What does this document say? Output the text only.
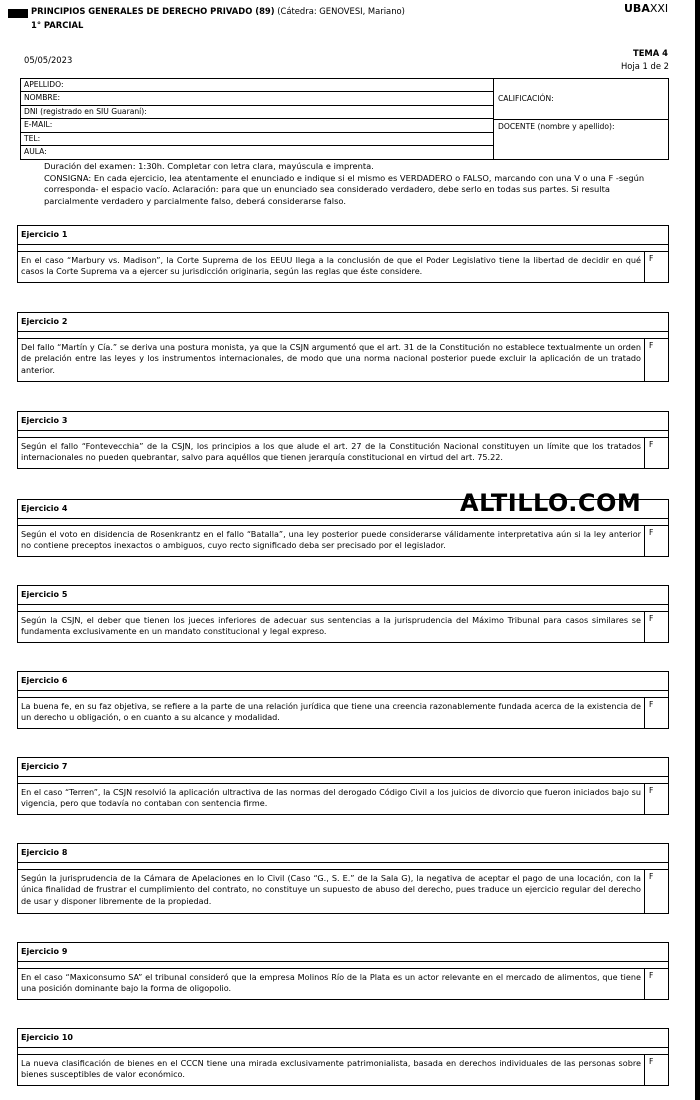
PRINCIPIOS GENERALES DE DERECHO PRIVADO (89) (Cátedra: GENOVESI, Mariano)
1° PARCIAL
UBAXXI
05/05/2023
TEMA 4
Hoja 1 de 2
APELLIDO:
NOMBRE:
DNI (registrado en SIU Guaraní):
E-MAIL:
TEL:
AULA:
CALIFICACIÓN:
DOCENTE (nombre y apellido):

Duración del examen: 1:30h. Completar con letra clara, mayúscula e imprenta.

CONSIGNA: En cada ejercicio, lea atentamente el enunciado e indique si el mismo es VERDADERO o FALSO, marcando con una V o una F -según corresponda- el espacio vacío. Aclaración: para que un enunciado sea considerado verdadero, debe serlo en todas sus partes. Si resulta parcialmente verdadero y parcialmente falso, deberá considerarse falso.

ALTILLO.COM
Ejercicio 1
En el caso “Marbury vs. Madison”, la Corte Suprema de los EEUU llega a la conclusión de que el Poder Legislativo tiene la libertad de decidir en qué casos la Corte Suprema va a ejercer su jurisdicción originaria, según las reglas que éste considere.
F
Ejercicio 2
Del fallo “Martín y Cía.” se deriva una postura monista, ya que la CSJN argumentó que el art. 31 de la Constitución no establece textualmente un orden de prelación entre las leyes y los instrumentos internacionales, de modo que una norma nacional posterior puede excluir la aplicación de un tratado anterior.
F
Ejercicio 3
Según el fallo “Fontevecchia” de la CSJN, los principios a los que alude el art. 27 de la Constitución Nacional constituyen un límite que los tratados internacionales no pueden quebrantar, salvo para aquéllos que tienen jerarquía constitucional en virtud del art. 75.22.
F
Ejercicio 4
Según el voto en disidencia de Rosenkrantz en el fallo “Batalla”, una ley posterior puede considerarse válidamente interpretativa aún si la ley anterior no contiene preceptos inexactos o ambiguos, cuyo recto significado deba ser precisado por el legislador.
F
Ejercicio 5
Según la CSJN, el deber que tienen los jueces inferiores de adecuar sus sentencias a la jurisprudencia del Máximo Tribunal para casos similares se fundamenta exclusivamente en un mandato constitucional y legal expreso.
F
Ejercicio 6
La buena fe, en su faz objetiva, se refiere a la parte de una relación jurídica que tiene una creencia razonablemente fundada acerca de la existencia de un derecho u obligación, o en cuanto a su alcance y modalidad.
F
Ejercicio 7
En el caso “Terren”, la CSJN resolvió la aplicación ultractiva de las normas del derogado Código Civil a los juicios de divorcio que fueron iniciados bajo su vigencia, pero que todavía no contaban con sentencia firme.
F
Ejercicio 8
Según la jurisprudencia de la Cámara de Apelaciones en lo Civil (Caso “G., S. E.” de la Sala G), la negativa de aceptar el pago de una locación, con la única finalidad de frustrar el cumplimiento del contrato, no constituye un supuesto de abuso del derecho, pues traduce un ejercicio regular del derecho de usar y disponer libremente de la propiedad.
F
Ejercicio 9
En el caso “Maxiconsumo SA” el tribunal consideró que la empresa Molinos Río de la Plata es un actor relevante en el mercado de alimentos, que tiene una posición dominante bajo la forma de oligopolio.
F
Ejercicio 10
La nueva clasificación de bienes en el CCCN tiene una mirada exclusivamente patrimonialista, basada en derechos individuales de las personas sobre bienes susceptibles de valor económico.
F
